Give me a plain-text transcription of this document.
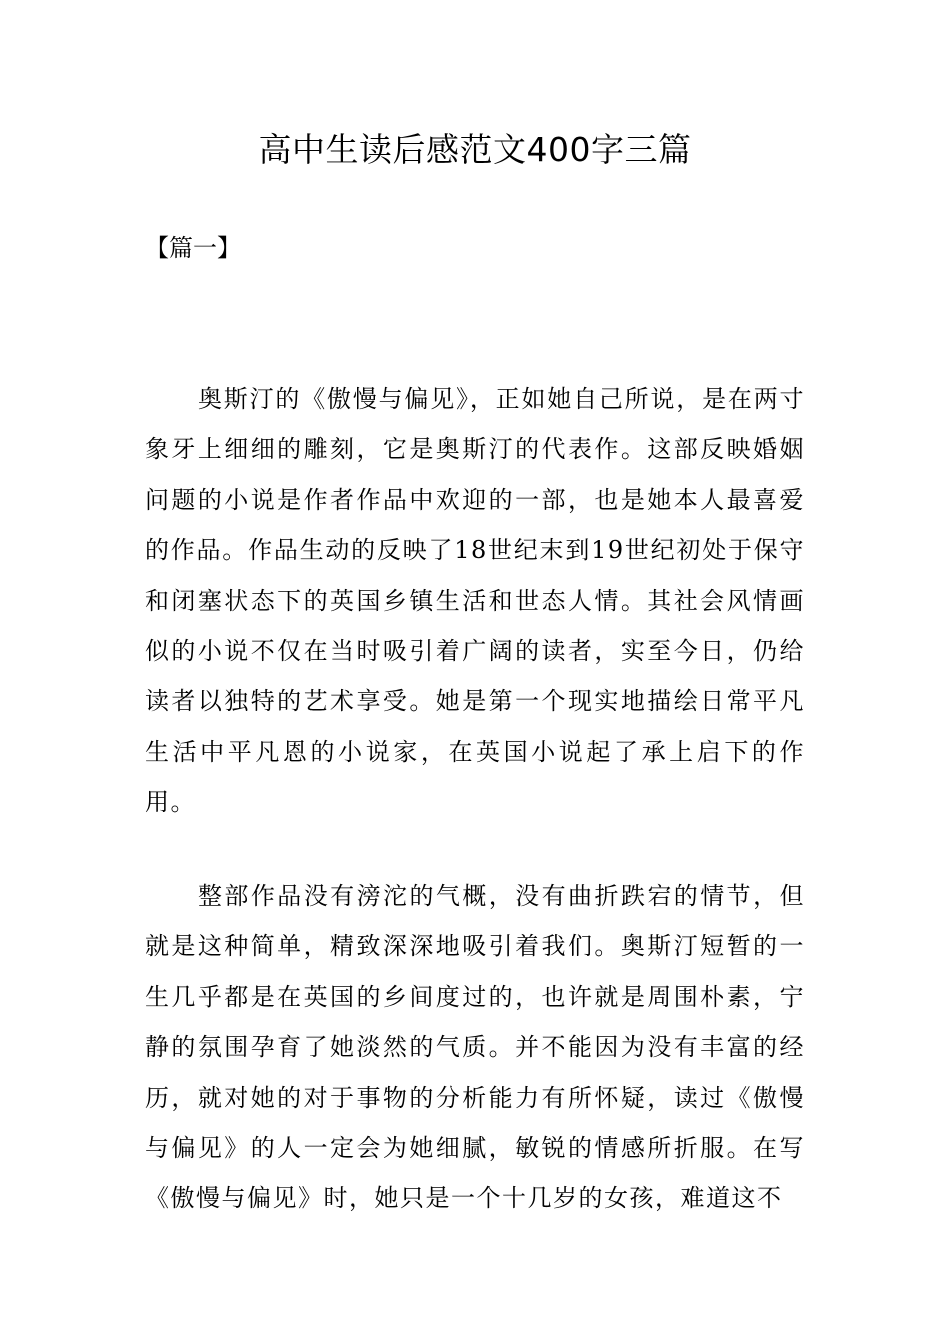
高中生读后感范文400字三篇
【篇一】

奥斯汀的《傲慢与偏见》，正如她自己所说，是在两寸象牙上细细的雕刻，它是奥斯汀的代表作。这部反映婚姻问题的小说是作者作品中欢迎的一部，也是她本人最喜爱的作品。作品生动的反映了18世纪末到19世纪初处于保守和闭塞状态下的英国乡镇生活和世态人情。其社会风情画似的小说不仅在当时吸引着广阔的读者，实至今日，仍给读者以独特的艺术享受。她是第一个现实地描绘日常平凡生活中平凡恩的小说家，在英国小说起了承上启下的作用。

整部作品没有滂沱的气概，没有曲折跌宕的情节，但就是这种简单，精致深深地吸引着我们。奥斯汀短暂的一生几乎都是在英国的乡间度过的，也许就是周围朴素，宁静的氛围孕育了她淡然的气质。并不能因为没有丰富的经历，就对她的对于事物的分析能力有所怀疑，读过《傲慢与偏见》的人一定会为她细腻，敏锐的情感所折服。在写《傲慢与偏见》时，她只是一个十几岁的女孩，难道这不
